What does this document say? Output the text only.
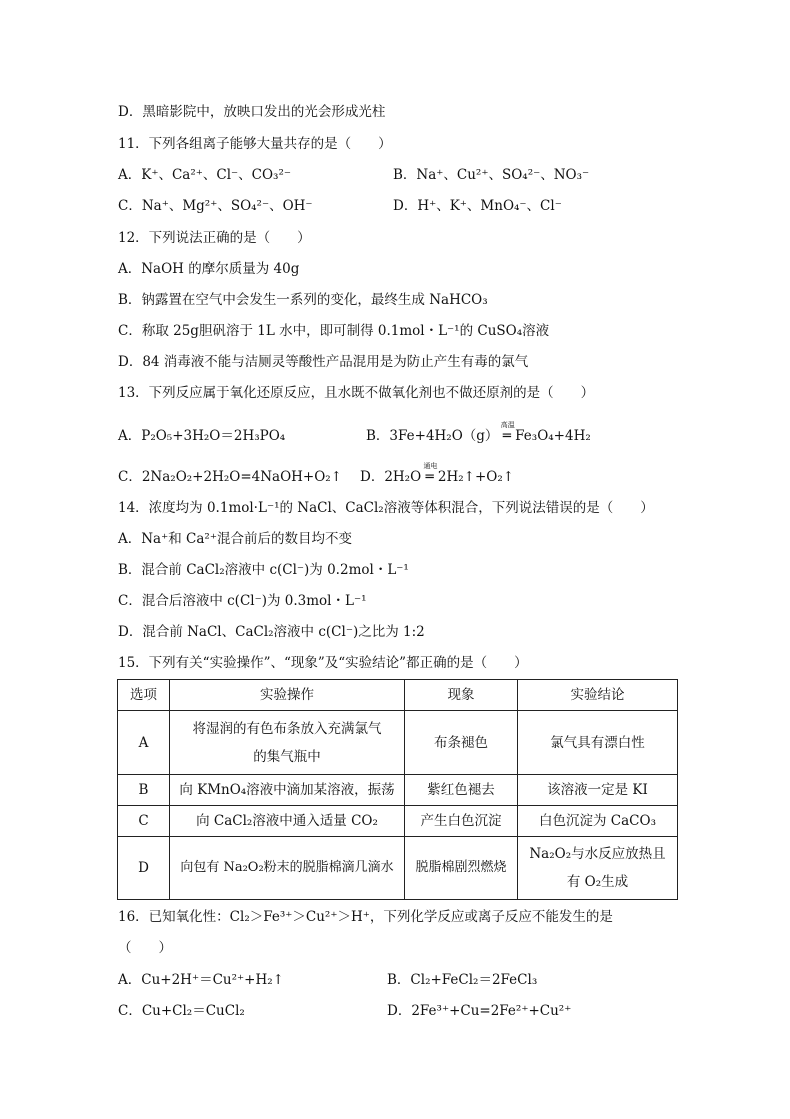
D．黑暗影院中，放映口发出的光会形成光柱
11．下列各组离子能够大量共存的是（　　）
A．K⁺、Ca²⁺、Cl⁻、CO₃²⁻	B．Na⁺、Cu²⁺、SO₄²⁻、NO₃⁻
C．Na⁺、Mg²⁺、SO₄²⁻、OH⁻	D．H⁺、K⁺、MnO₄⁻、Cl⁻
12．下列说法正确的是（　　）
A．NaOH 的摩尔质量为 40g
B．钠露置在空气中会发生一系列的变化，最终生成 NaHCO₃
C．称取 25g胆矾溶于 1L 水中，即可制得 0.1mol・L⁻¹的 CuSO₄溶液
D．84 消毒液不能与洁厕灵等酸性产品混用是为防止产生有毒的氯气
13．下列反应属于氧化还原反应，且水既不做氧化剂也不做还原剂的是（　　）
A．P₂O₅+3H₂O＝2H₃PO₄	B．3Fe+4H₂O（g）
高温
═ Fe₃O₄+4H₂
C．2Na₂O₂+2H₂O=4NaOH+O₂↑ D．2H₂O
通电
═ 2H₂↑+O₂↑
14．浓度均为 0.1mol·L⁻¹的 NaCl、CaCl₂溶液等体积混合，下列说法错误的是（　　）
A．Na⁺和 Ca²⁺混合前后的数目均不变
B．混合前 CaCl₂溶液中 c(Cl⁻)为 0.2mol・L⁻¹
C．混合后溶液中 c(Cl⁻)为 0.3mol・L⁻¹
D．混合前 NaCl、CaCl₂溶液中 c(Cl⁻)之比为 1:2
15．下列有关“实验操作”、“现象”及“实验结论”都正确的是（　　）
选项	实验操作	现象	实验结论
A	将湿润的有色布条放入充满氯气的集气瓶中	布条褪色	氯气具有漂白性
B	向 KMnO₄溶液中滴加某溶液，振荡	紫红色褪去	该溶液一定是 KI
C	向 CaCl₂溶液中通入适量 CO₂	产生白色沉淀	白色沉淀为 CaCO₃
D	向包有 Na₂O₂粉末的脱脂棉滴几滴水	脱脂棉剧烈燃烧	Na₂O₂与水反应放热且有 O₂生成
16．已知氧化性：Cl₂＞Fe³⁺＞Cu²⁺＞H⁺，下列化学反应或离子反应不能发生的是
（　　）
A．Cu+2H⁺＝Cu²⁺+H₂↑	B．Cl₂+FeCl₂＝2FeCl₃
C．Cu+Cl₂＝CuCl₂	D．2Fe³⁺+Cu=2Fe²⁺+Cu²⁺
